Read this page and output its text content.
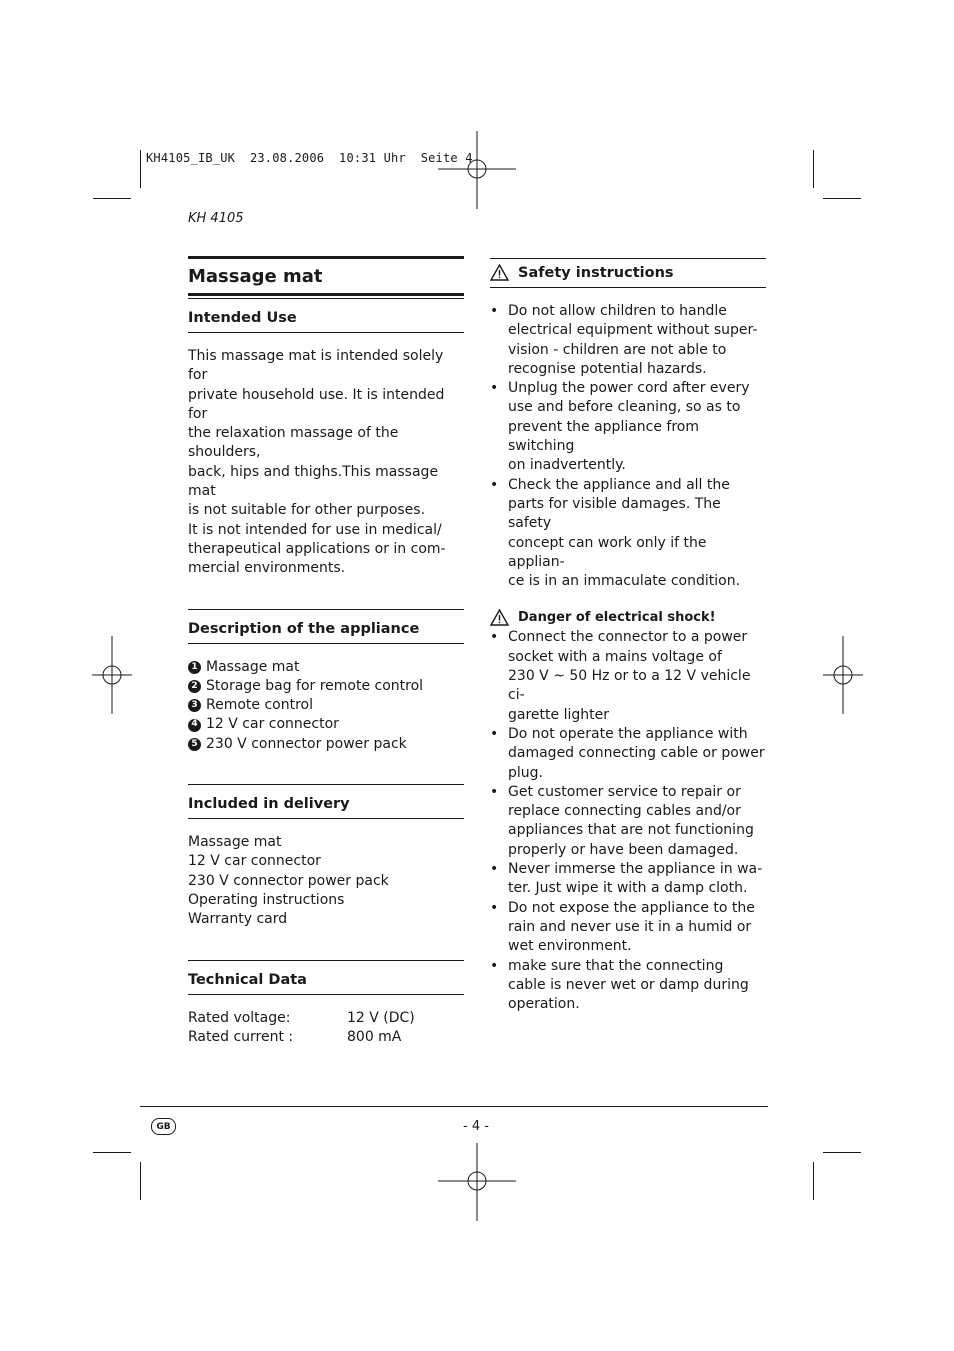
KH4105_IB_UK  23.08.2006  10:31 Uhr  Seite 4
KH 4105
Massage mat
Intended Use
This massage mat is intended solely for
private household use. It is intended for
the relaxation massage of the shoulders,
back, hips and thighs.This massage mat
is not suitable for other purposes.
It is not intended for use in medical/
therapeutical applications or in com-
mercial environments.
Description of the appliance
1 Massage mat
2 Storage bag for remote control
3 Remote control
4 12 V car connector
5 230 V connector power pack
Included in delivery
Massage mat
12 V car connector
230 V connector power pack
Operating instructions
Warranty card
Technical Data
Rated voltage:	12 V (DC)
Rated current :	800 mA
Safety instructions
• Do not allow children to handle
electrical equipment without super-
vision - children are not able to
recognise potential hazards.
• Unplug the power cord after every
use and before cleaning, so as to
prevent the appliance from switching
on inadvertently.
• Check the appliance and all the
parts for visible damages. The safety
concept can work only if the applian-
ce is in an immaculate condition.
Danger of electrical shock!
• Connect the connector to a power
socket with a mains voltage of
230 V ~ 50 Hz or to a 12 V vehicle ci-
garette lighter
• Do not operate the appliance with
damaged connecting cable or power
plug.
• Get customer service to repair or
replace connecting cables and/or
appliances that are not functioning
properly or have been damaged.
• Never immerse the appliance in wa-
ter. Just wipe it with a damp cloth.
• Do not expose the appliance to the
rain and never use it in a humid or
wet environment.
• make sure that the connecting
cable is never wet or damp during
operation.
GB	- 4 -
